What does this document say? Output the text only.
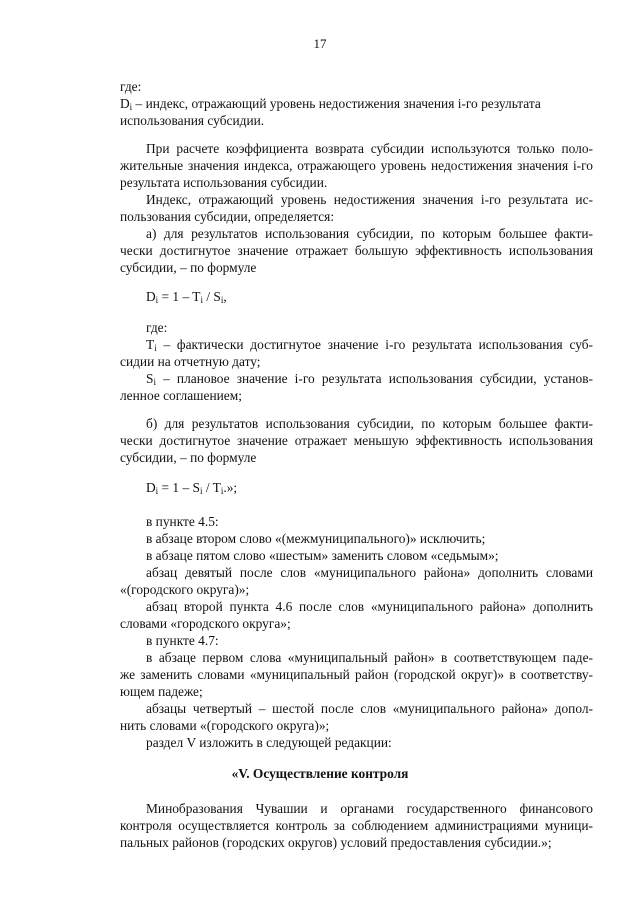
17
где:
$D_i$ – индекс, отражающий уровень недостижения значения i-го результата
использования субсидии.
При расчете коэффициента возврата субсидии используются только поло-
жительные значения индекса, отражающего уровень недостижения значения i-го
результата использования субсидии.
Индекс, отражающий уровень недостижения значения i-го результата ис-
пользования субсидии, определяется:
а) для результатов использования субсидии, по которым большее факти-
чески достигнутое значение отражает большую эффективность использования
субсидии, – по формуле
$D_i = 1 - T_i / S_i$,
где:
$T_i$ – фактически достигнутое значение i-го результата использования суб-
сидии на отчетную дату;
$S_i$ – плановое значение i-го результата использования субсидии, установ-
ленное соглашением;
б) для результатов использования субсидии, по которым большее факти-
чески достигнутое значение отражает меньшую эффективность использования
субсидии, – по формуле
$D_i = 1 - S_i / T_i$.»;
в пункте 4.5:
в абзаце втором слово «(межмуниципального)» исключить;
в абзаце пятом слово «шестым» заменить словом «седьмым»;
абзац девятый после слов «муниципального района» дополнить словами
«(городского округа)»;
абзац второй пункта 4.6 после слов «муниципального района» дополнить
словами «городского округа»;
в пункте 4.7:
в абзаце первом слова «муниципальный район» в соответствующем паде-
же заменить словами «муниципальный район (городской округ)» в соответству-
ющем падеже;
абзацы четвертый – шестой после слов «муниципального района» допол-
нить словами «(городского округа)»;
раздел V изложить в следующей редакции:
«V. Осуществление контроля
Минобразования Чувашии и органами государственного финансового
контроля осуществляется контроль за соблюдением администрациями муници-
пальных районов (городских округов) условий предоставления субсидии.»;
